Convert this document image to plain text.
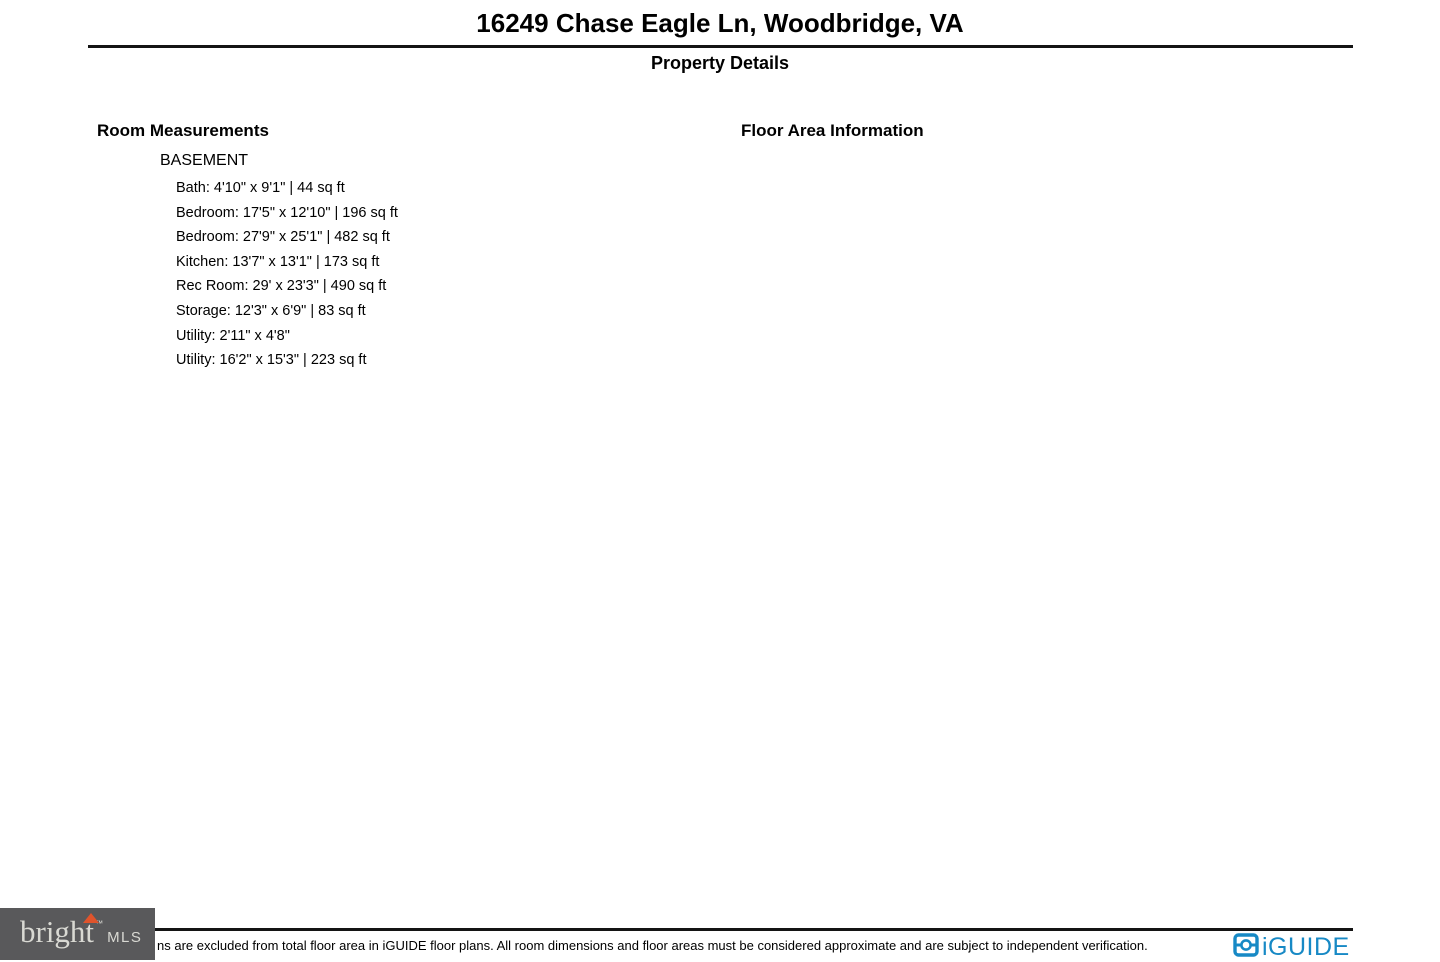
16249 Chase Eagle Ln, Woodbridge, VA
Property Details
Room Measurements	Floor Area Information
BASEMENT
Bath: 4'10" x 9'1" | 44 sq ft
Bedroom: 17'5" x 12'10" | 196 sq ft
Bedroom: 27'9" x 25'1" | 482 sq ft
Kitchen: 13'7" x 13'1" | 173 sq ft
Rec Room: 29' x 23'3" | 490 sq ft
Storage: 12'3" x 6'9" | 83 sq ft
Utility: 2'11" x 4'8"
Utility: 16'2" x 15'3" | 223 sq ft
ns are excluded from total floor area in iGUIDE floor plans. All room dimensions and floor areas must be considered approximate and are subject to independent verification.
bright ™
MLS	iGUIDE
